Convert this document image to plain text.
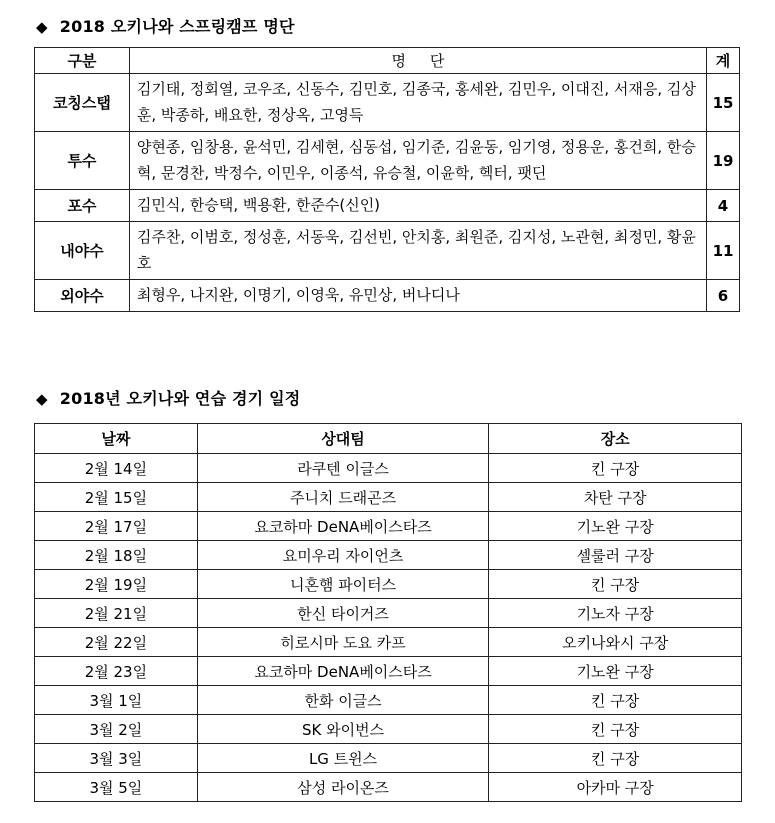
◆ 2018 오키나와 스프링캠프 명단
구분	명     단	계
코칭스탭	김기태, 정회열, 코우조, 신동수, 김민호, 김종국, 홍세완, 김민우, 이대진, 서재응, 김상훈, 박종하, 배요한, 정상옥, 고영득	15
투수	양현종, 임창용, 윤석민, 김세현, 심동섭, 임기준, 김윤동, 임기영, 정용운, 홍건희, 한승혁, 문경찬, 박정수, 이민우, 이종석, 유승철, 이윤학, 헥터, 팻딘	19
포수	김민식, 한승택, 백용환, 한준수(신인)	4
내야수	김주찬, 이범호, 정성훈, 서동욱, 김선빈, 안치홍, 최원준, 김지성, 노관현, 최정민, 황윤호	11
외야수	최형우, 나지완, 이명기, 이영욱, 유민상, 버나디나	6
◆ 2018년 오키나와 연습 경기 일정
날짜	상대팀	장소
2월 14일	라쿠텐 이글스	킨 구장
2월 15일	주니치 드래곤즈	차탄 구장
2월 17일	요코하마 DeNA베이스타즈	기노완 구장
2월 18일	요미우리 자이언츠	셀룰러 구장
2월 19일	니혼햄 파이터스	킨 구장
2월 21일	한신 타이거즈	기노자 구장
2월 22일	히로시마 도요 카프	오키나와시 구장
2월 23일	요코하마 DeNA베이스타즈	기노완 구장
3월 1일	한화 이글스	킨 구장
3월 2일	SK 와이번스	킨 구장
3월 3일	LG 트윈스	킨 구장
3월 5일	삼성 라이온즈	아카마 구장
